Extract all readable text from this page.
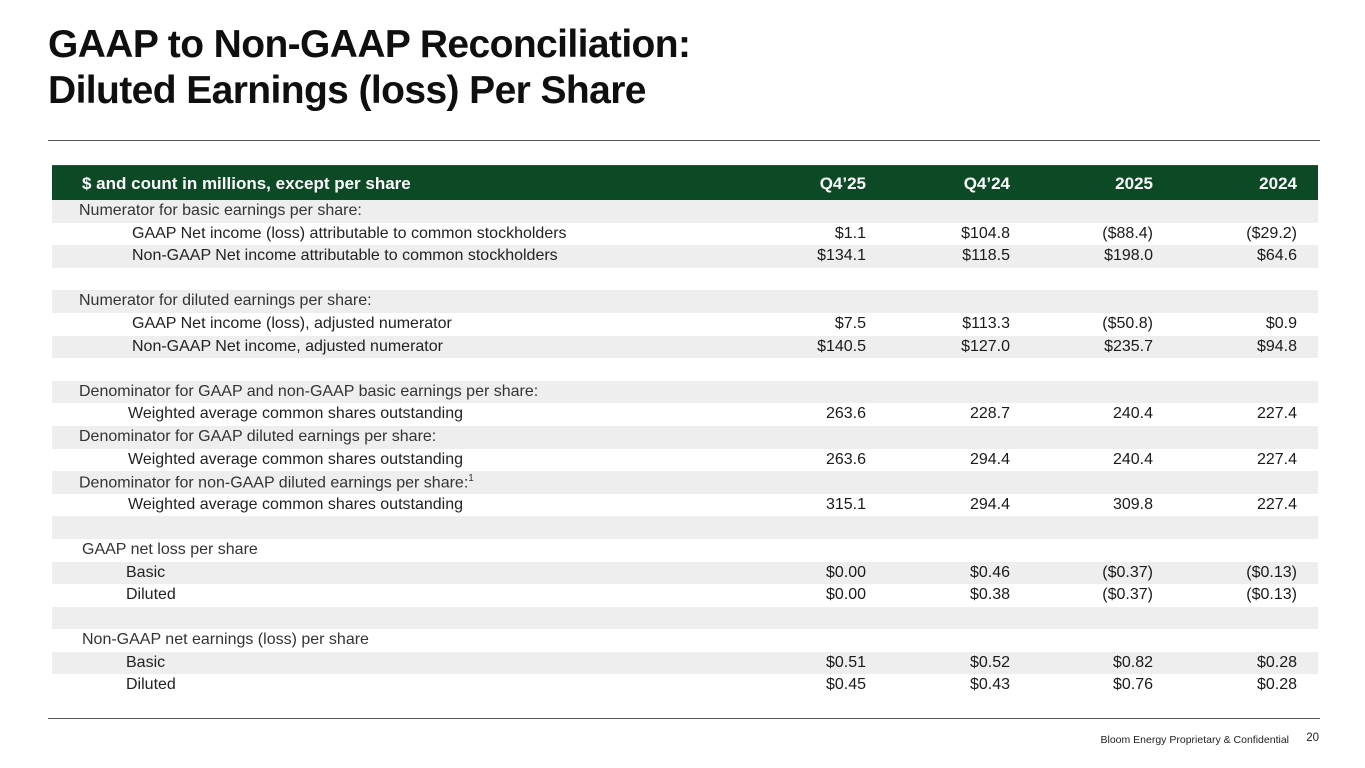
GAAP to Non-GAAP Reconciliation:
Diluted Earnings (loss) Per Share
$ and count in millions, except per share	Q4’25	Q4’24	2025	2024
Numerator for basic earnings per share:
GAAP Net income (loss) attributable to common stockholders	$1.1	$104.8	($88.4)	($29.2)
Non-GAAP Net income attributable to common stockholders	$134.1	$118.5	$198.0	$64.6
Numerator for diluted earnings per share:
GAAP Net income (loss), adjusted numerator	$7.5	$113.3	($50.8)	$0.9
Non-GAAP Net income, adjusted numerator	$140.5	$127.0	$235.7	$94.8
Denominator for GAAP and non-GAAP basic earnings per share:
Weighted average common shares outstanding	263.6	228.7	240.4	227.4
Denominator for GAAP diluted earnings per share:
Weighted average common shares outstanding	263.6	294.4	240.4	227.4
Denominator for non-GAAP diluted earnings per share:$^1$
Weighted average common shares outstanding	315.1	294.4	309.8	227.4
GAAP net loss per share
Basic	$0.00	$0.46	($0.37)	($0.13)
Diluted	$0.00	$0.38	($0.37)	($0.13)
Non-GAAP net earnings (loss) per share
Basic	$0.51	$0.52	$0.82	$0.28
Diluted	$0.45	$0.43	$0.76	$0.28
Bloom Energy Proprietary & Confidential 20
